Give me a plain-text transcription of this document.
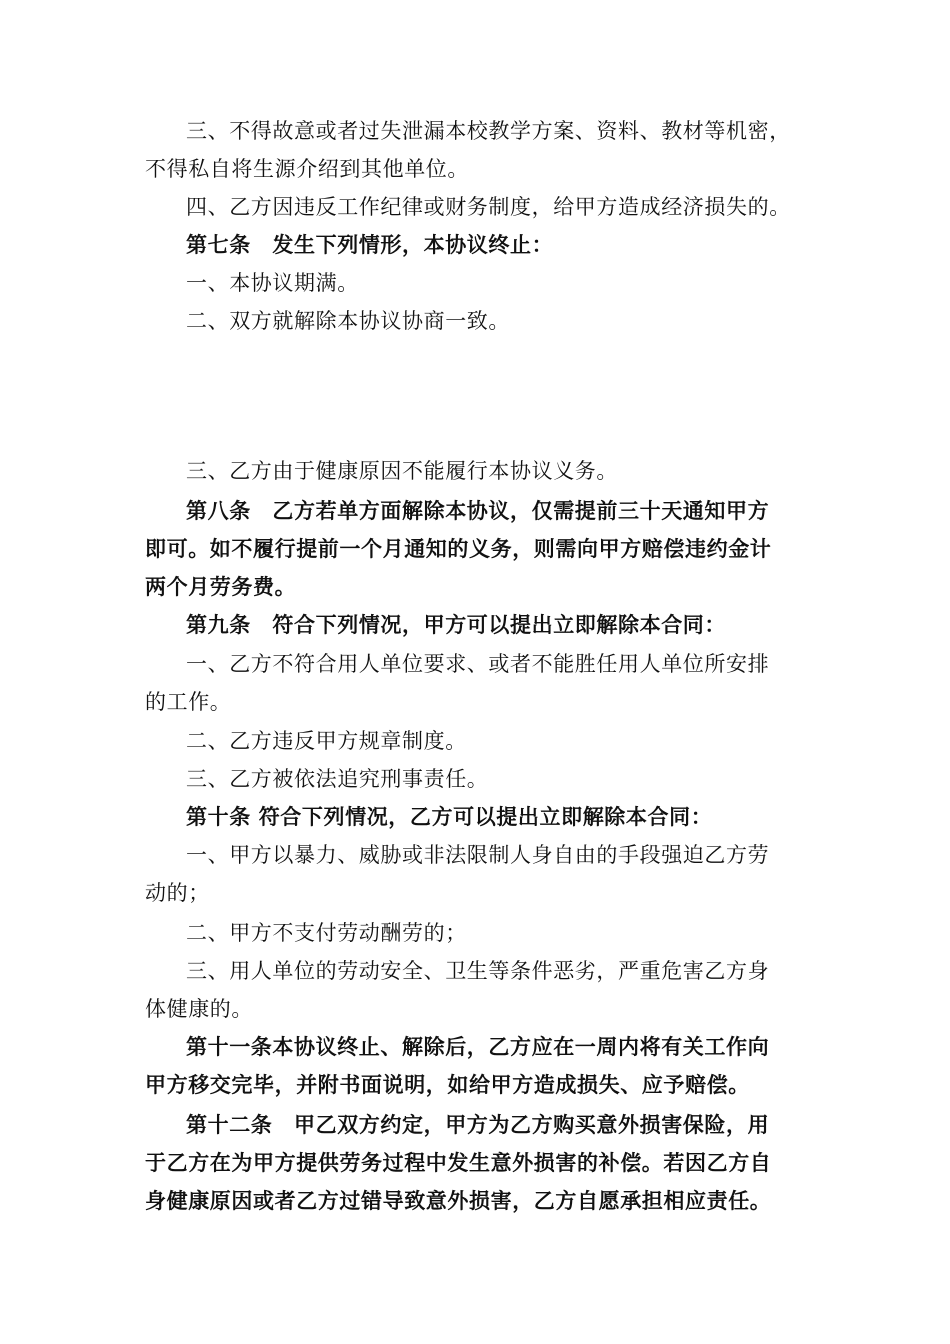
三、不得故意或者过失泄漏本校教学方案、资料、教材等机密，
不得私自将生源介绍到其他单位。
四、乙方因违反工作纪律或财务制度，给甲方造成经济损失的。
第七条　发生下列情形，本协议终止：
一、本协议期满。
二、双方就解除本协议协商一致。
三、乙方由于健康原因不能履行本协议义务。
第八条　乙方若单方面解除本协议，仅需提前三十天通知甲方
即可。如不履行提前一个月通知的义务，则需向甲方赔偿违约金计
两个月劳务费。
第九条　符合下列情况，甲方可以提出立即解除本合同：
一、乙方不符合用人单位要求、或者不能胜任用人单位所安排
的工作。
二、乙方违反甲方规章制度。
三、乙方被依法追究刑事责任。
第十条 符合下列情况，乙方可以提出立即解除本合同：
一、甲方以暴力、威胁或非法限制人身自由的手段强迫乙方劳
动的；
二、甲方不支付劳动酬劳的；
三、用人单位的劳动安全、卫生等条件恶劣，严重危害乙方身
体健康的。
第十一条本协议终止、解除后，乙方应在一周内将有关工作向
甲方移交完毕，并附书面说明，如给甲方造成损失、应予赔偿。
第十二条　甲乙双方约定，甲方为乙方购买意外损害保险，用
于乙方在为甲方提供劳务过程中发生意外损害的补偿。若因乙方自
身健康原因或者乙方过错导致意外损害，乙方自愿承担相应责任。
